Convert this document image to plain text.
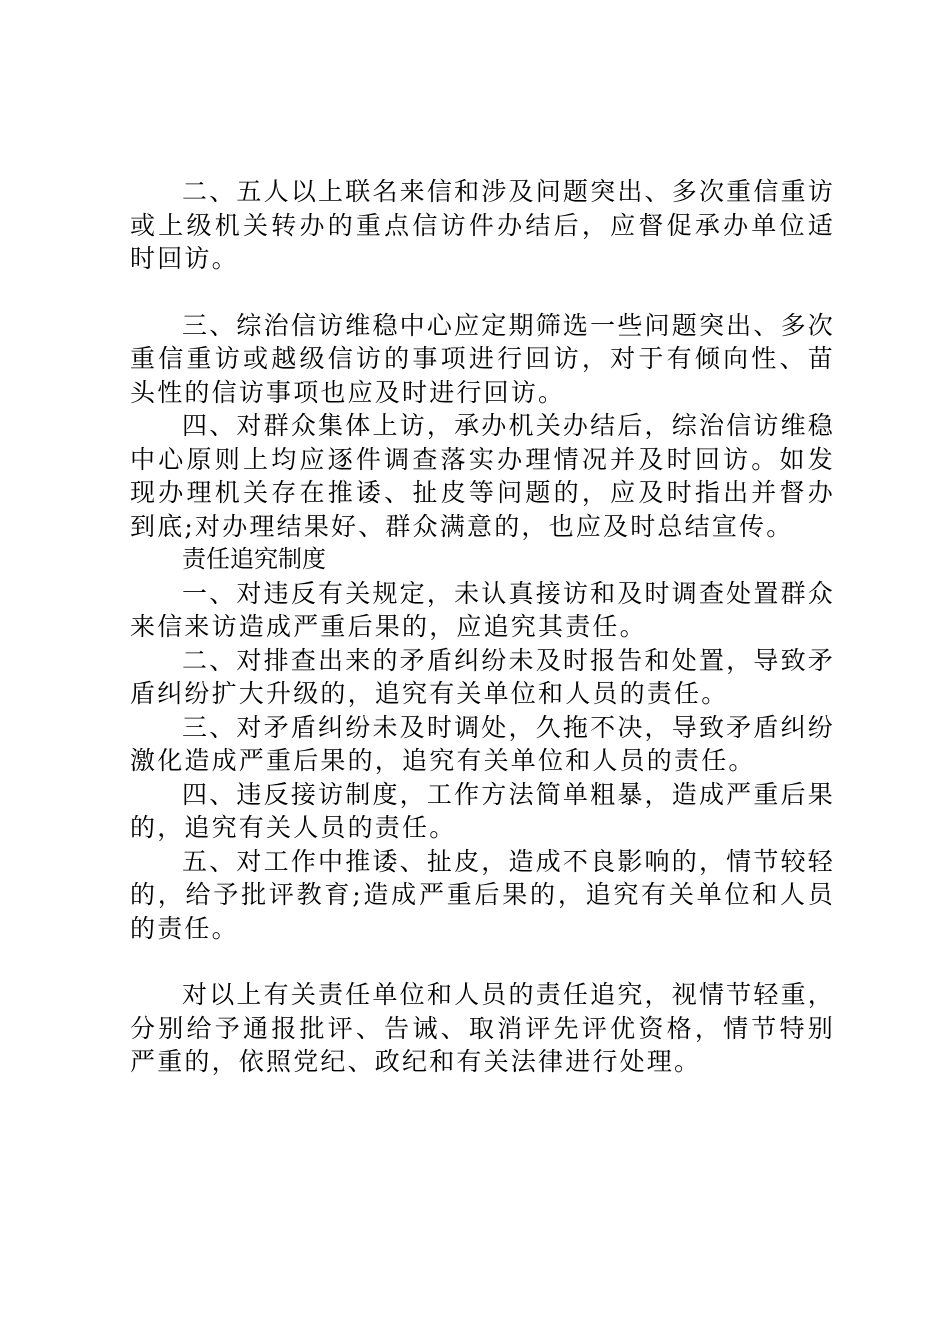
二、五人以上联名来信和涉及问题突出、多次重信重访或上级机关转办的重点信访件办结后，应督促承办单位适时回访。

三、综治信访维稳中心应定期筛选一些问题突出、多次重信重访或越级信访的事项进行回访，对于有倾向性、苗头性的信访事项也应及时进行回访。

四、对群众集体上访，承办机关办结后，综治信访维稳中心原则上均应逐件调查落实办理情况并及时回访。如发现办理机关存在推诿、扯皮等问题的，应及时指出并督办到底;对办理结果好、群众满意的，也应及时总结宣传。

责任追究制度

一、对违反有关规定，未认真接访和及时调查处置群众来信来访造成严重后果的，应追究其责任。

二、对排查出来的矛盾纠纷未及时报告和处置，导致矛盾纠纷扩大升级的，追究有关单位和人员的责任。

三、对矛盾纠纷未及时调处，久拖不决，导致矛盾纠纷激化造成严重后果的，追究有关单位和人员的责任。

四、违反接访制度，工作方法简单粗暴，造成严重后果的，追究有关人员的责任。

五、对工作中推诿、扯皮，造成不良影响的，情节较轻的，给予批评教育;造成严重后果的，追究有关单位和人员的责任。

对以上有关责任单位和人员的责任追究，视情节轻重，分别给予通报批评、告诫、取消评先评优资格，情节特别严重的，依照党纪、政纪和有关法律进行处理。
